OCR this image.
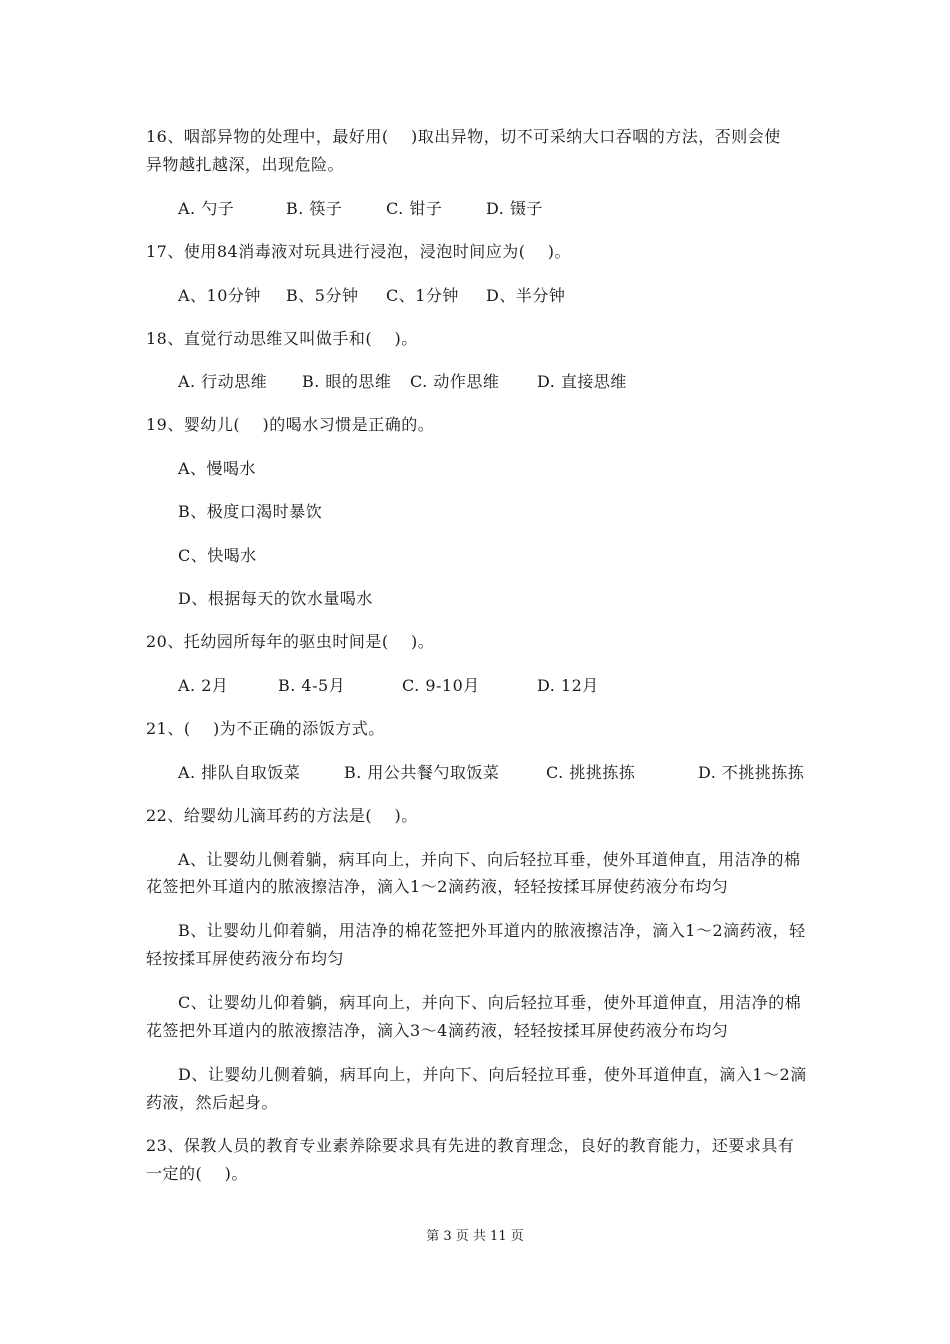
16、咽部异物的处理中，最好用(    )取出异物，切不可采纳大口吞咽的方法，否则会使
异物越扎越深，出现危险。
A. 勺子	B. 筷子	C. 钳子	D. 镊子
17、使用84消毒液对玩具进行浸泡，浸泡时间应为(    )。
A、10分钟 B、5分钟 C、1分钟 D、半分钟
18、直觉行动思维又叫做手和(    )。
A. 行动思维 B. 眼的思维 C. 动作思维 D. 直接思维
19、婴幼儿(    )的喝水习惯是正确的。
A、慢喝水
B、极度口渴时暴饮
C、快喝水
D、根据每天的饮水量喝水
20、托幼园所每年的驱虫时间是(    )。
A. 2月	B. 4-5月	C. 9-10月	D. 12月
21、(    )为不正确的添饭方式。
A. 排队自取饭菜	B. 用公共餐勺取饭菜	C. 挑挑拣拣	D. 不挑挑拣拣
22、给婴幼儿滴耳药的方法是(    )。
A、让婴幼儿侧着躺，病耳向上，并向下、向后轻拉耳垂，使外耳道伸直，用洁净的棉
花签把外耳道内的脓液擦洁净，滴入1～2滴药液，轻轻按揉耳屏使药液分布均匀
B、让婴幼儿仰着躺，用洁净的棉花签把外耳道内的脓液擦洁净，滴入1～2滴药液，轻
轻按揉耳屏使药液分布均匀
C、让婴幼儿仰着躺，病耳向上，并向下、向后轻拉耳垂，使外耳道伸直，用洁净的棉
花签把外耳道内的脓液擦洁净，滴入3～4滴药液，轻轻按揉耳屏使药液分布均匀
D、让婴幼儿侧着躺，病耳向上，并向下、向后轻拉耳垂，使外耳道伸直，滴入1～2滴
药液，然后起身。
23、保教人员的教育专业素养除要求具有先进的教育理念，良好的教育能力，还要求具有
一定的(    )。
第 3 页 共 11 页
